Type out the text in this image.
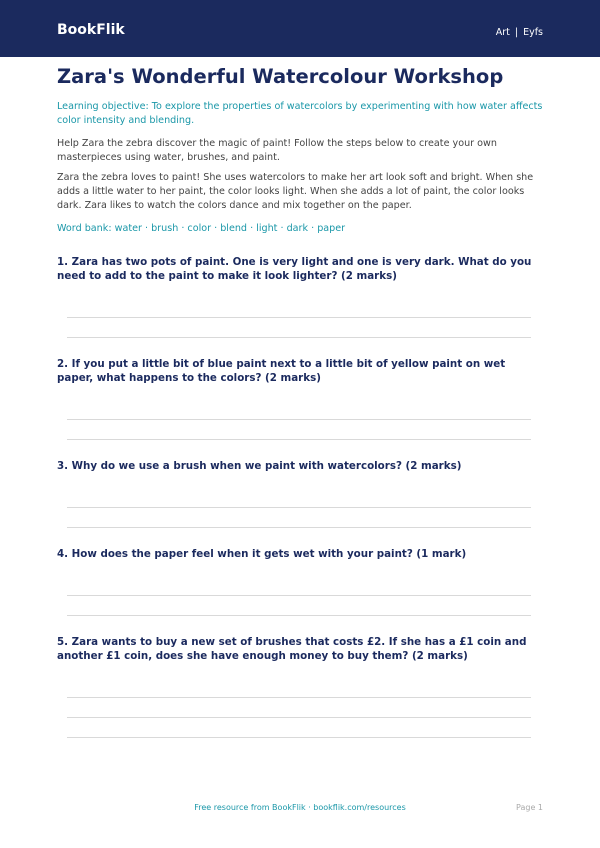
BookFlik	Art | Eyfs
Zara's Wonderful Watercolour Workshop

Learning objective: To explore the properties of watercolors by experimenting with how water affects color intensity and blending.

Help Zara the zebra discover the magic of paint! Follow the steps below to create your own masterpieces using water, brushes, and paint.

Zara the zebra loves to paint! She uses watercolors to make her art look soft and bright. When she adds a little water to her paint, the color looks light. When she adds a lot of paint, the color looks dark. Zara likes to watch the colors dance and mix together on the paper.

Word bank: water · brush · color · blend · light · dark · paper

1. Zara has two pots of paint. One is very light and one is very dark. What do you need to add to the paint to make it look lighter? (2 marks)
2. If you put a little bit of blue paint next to a little bit of yellow paint on wet paper, what happens to the colors? (2 marks)
3. Why do we use a brush when we paint with watercolors? (2 marks)
4. How does the paper feel when it gets wet with your paint? (1 mark)
5. Zara wants to buy a new set of brushes that costs £2. If she has a £1 coin and another £1 coin, does she have enough money to buy them? (2 marks)
Free resource from BookFlik · bookflik.com/resources	Page 1
